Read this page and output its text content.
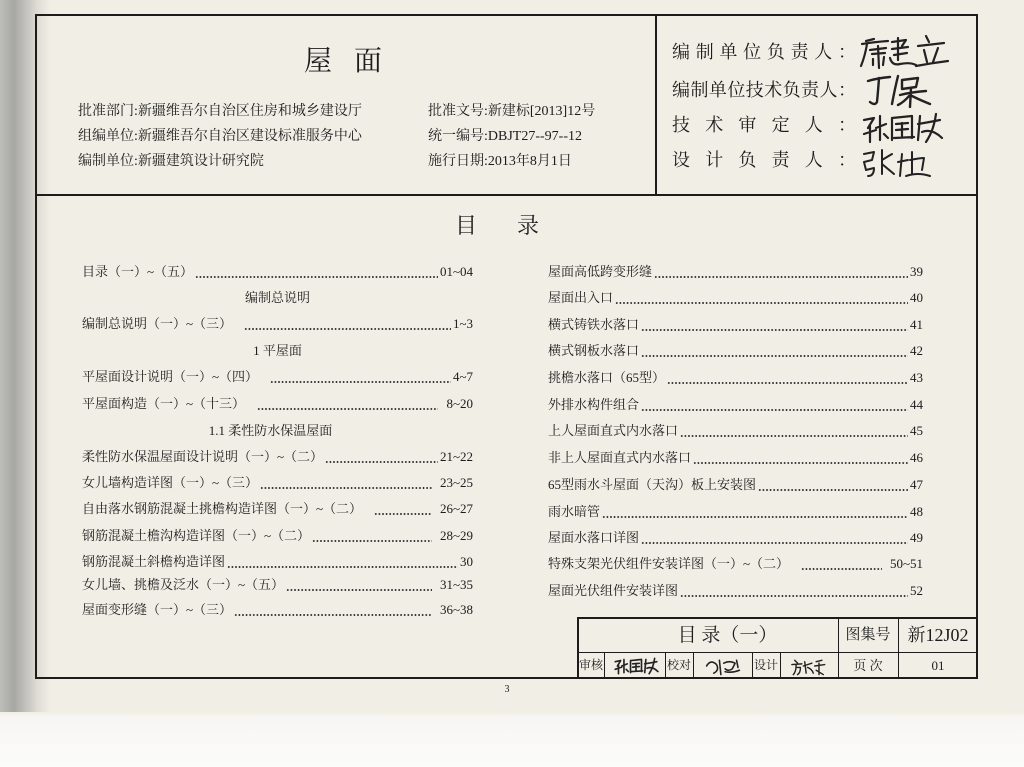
屋面
批准部门:新疆维吾尔自治区住房和城乡建设厅	批准文号:新建标[2013]12号
组编单位:新疆维吾尔自治区建设标准服务中心	统一编号:DBJT27--97--12
编制单位:新疆建筑设计研究院	施行日期:2013年8月1日
编制单位负责人：
编制单位技术负责人：
技术审定人：
设计负责人：
目录
目录（一）~（五）	01~04
编制总说明
编制总说明（一）~（三）	1~3
1 平屋面
平屋面设计说明（一）~（四）	4~7
平屋面构造（一）~（十三）	8~20
1.1 柔性防水保温屋面
柔性防水保温屋面设计说明（一）~（二）	21~22
女儿墙构造详图（一）~（三）	23~25
自由落水钢筋混凝土挑檐构造详图（一）~（二）	26~27
钢筋混凝土檐沟构造详图（一）~（二）	28~29
钢筋混凝土斜檐构造详图	30
女儿墙、挑檐及泛水（一）~（五）	31~35
屋面变形缝（一）~（三）	36~38
屋面高低跨变形缝	39
屋面出入口	40
横式铸铁水落口	41
横式钢板水落口	42
挑檐水落口（65型）	43
外排水构件组合	44
上人屋面直式内水落口	45
非上人屋面直式内水落口	46
65型雨水斗屋面（天沟）板上安装图	47
雨水暗管	48
屋面水落口详图	49
特殊支架光伏组件安装详图（一）~（二）	50~51
屋面光伏组件安装详图	52
目 录（一）	图集号 新12J02
审核	校对	设计	页 次	01
3
